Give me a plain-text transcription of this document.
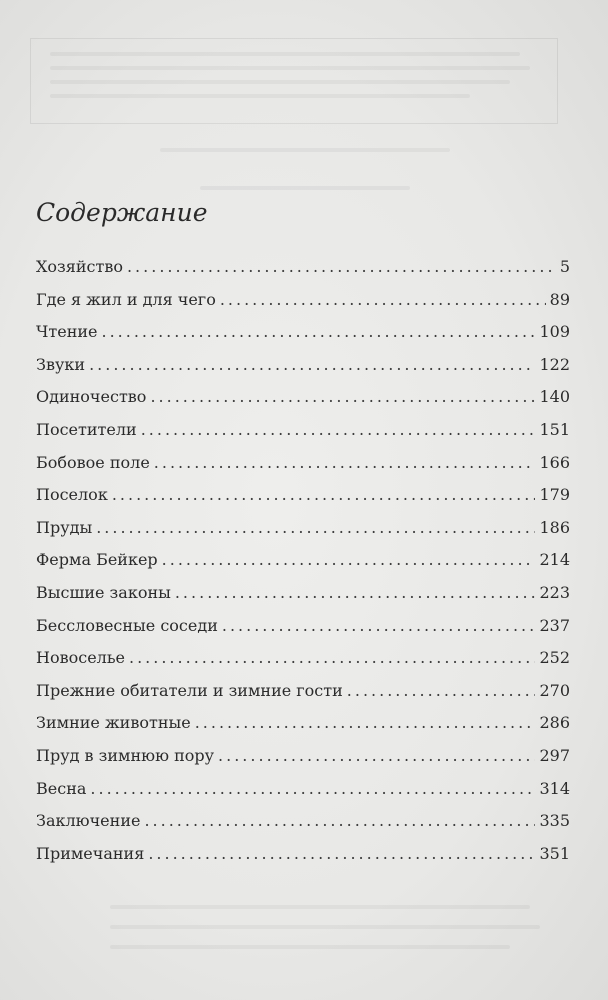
Содержание
Хозяйство .....	5
Где я жил и для чего .....	89
Чтение .....	109
Звуки .....	122
Одиночество .....	140
Посетители .....	151
Бобовое поле .....	166
Поселок .....	179
Пруды .....	186
Ферма Бейкер .....	214
Высшие законы .....	223
Бессловесные соседи .....	237
Новоселье .....	252
Прежние обитатели и зимние гости .....	270
Зимние животные .....	286
Пруд в зимнюю пору .....	297
Весна .....	314
Заключение .....	335
Примечания .....	351
